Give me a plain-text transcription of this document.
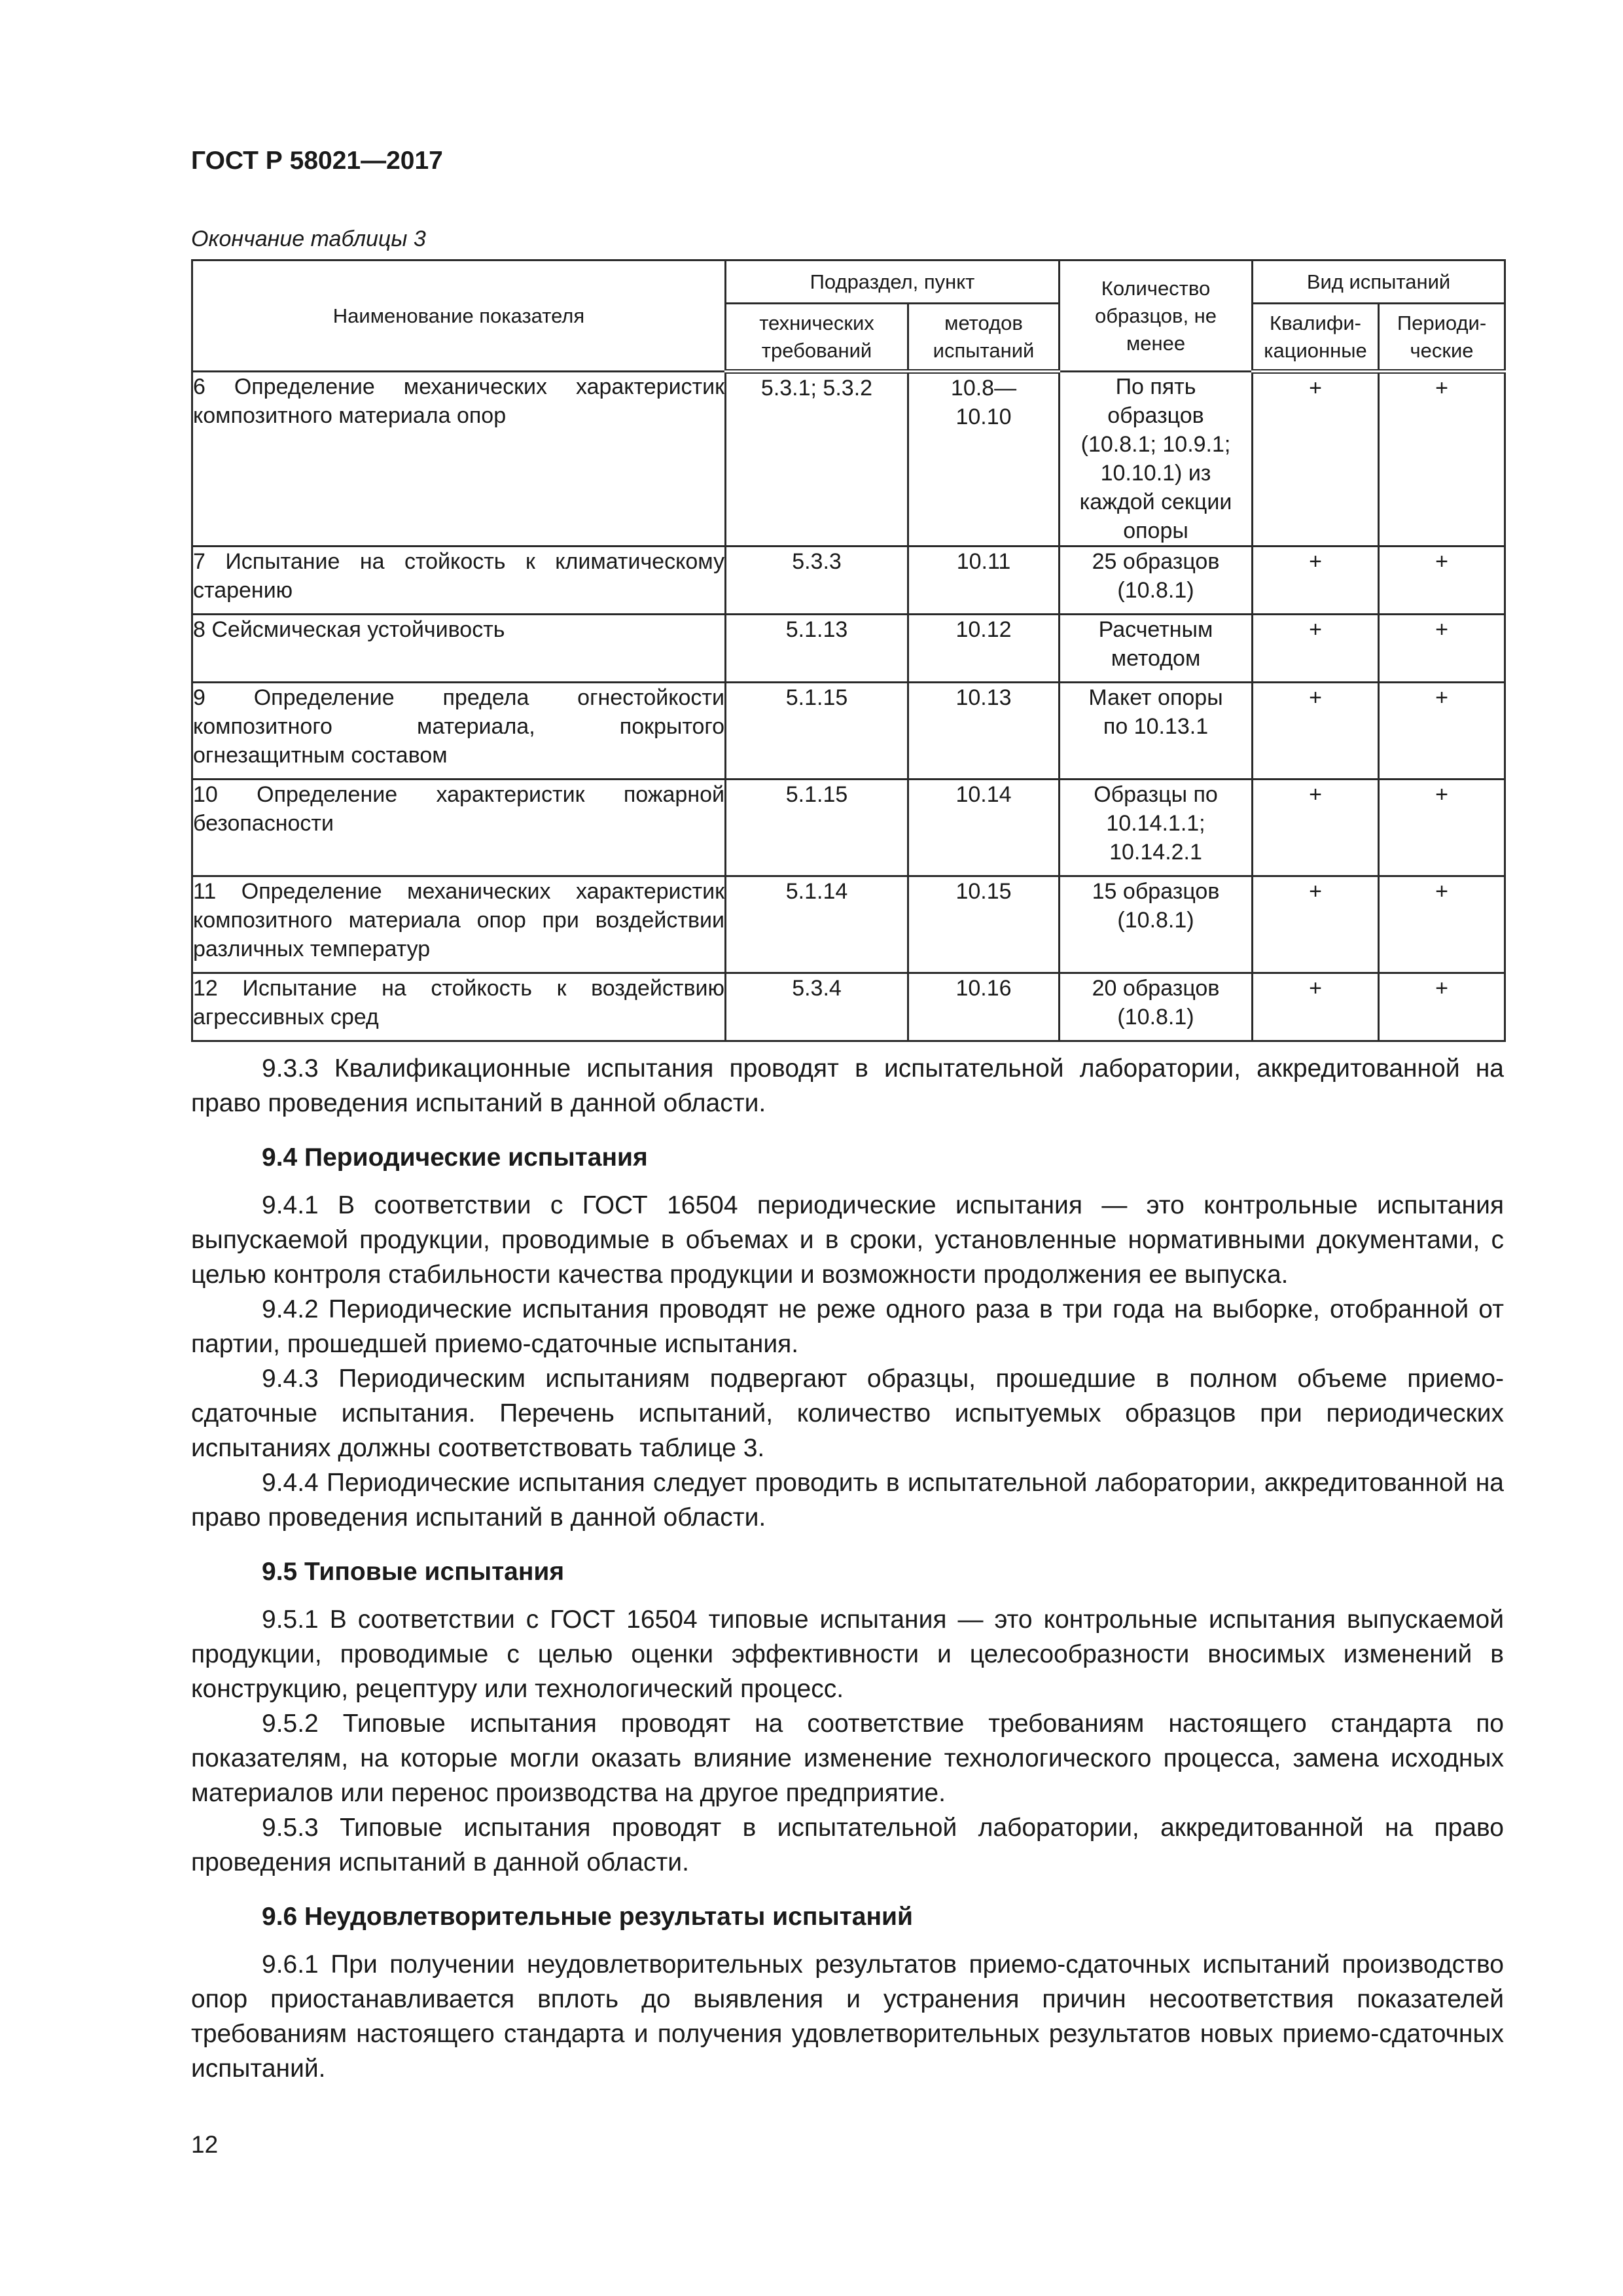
ГОСТ Р 58021—2017
Окончание таблицы 3
Наименование показателя	Подраздел, пункт		Количество образцов, не менее	Вид испытаний	
	технических требований	методов испытаний		Квалифи-кационные	Периоди-ческие
6 Определение механических характеристик композитного материала опор	5.3.1; 5.3.2	10.8— 10.10	По пять образцов (10.8.1; 10.9.1; 10.10.1) из каждой секции опоры	+	+
7 Испытание на стойкость к климатическому старению	5.3.3	10.11	25 образцов (10.8.1)	+	+
8 Сейсмическая устойчивость	5.1.13	10.12	Расчетным методом	+	+
9 Определение предела огнестойкости композитного материала, покрытого огнезащитным составом	5.1.15	10.13	Макет опоры по 10.13.1	+	+
10 Определение характеристик пожарной безопасности	5.1.15	10.14	Образцы по 10.14.1.1; 10.14.2.1	+	+
11 Определение механических характеристик композитного материала опор при воздействии различных температур	5.1.14	10.15	15 образцов (10.8.1)	+	+
12 Испытание на стойкость к воздействию агрессивных сред	5.3.4	10.16	20 образцов (10.8.1)	+	+

9.3.3 Квалификационные испытания проводят в испытательной лаборатории, аккредитованной на право проведения испытаний в данной области.

9.4 Периодические испытания

9.4.1 В соответствии с ГОСТ 16504 периодические испытания — это контрольные испытания выпускаемой продукции, проводимые в объемах и в сроки, установленные нормативными документами, с целью контроля стабильности качества продукции и возможности продолжения ее выпуска.

9.4.2 Периодические испытания проводят не реже одного раза в три года на выборке, отобранной от партии, прошедшей приемо-сдаточные испытания.

9.4.3 Периодическим испытаниям подвергают образцы, прошедшие в полном объеме приемо-сдаточные испытания. Перечень испытаний, количество испытуемых образцов при периодических испытаниях должны соответствовать таблице 3.

9.4.4 Периодические испытания следует проводить в испытательной лаборатории, аккредитованной на право проведения испытаний в данной области.

9.5 Типовые испытания

9.5.1 В соответствии с ГОСТ 16504 типовые испытания — это контрольные испытания выпускаемой продукции, проводимые с целью оценки эффективности и целесообразности вносимых изменений в конструкцию, рецептуру или технологический процесс.

9.5.2 Типовые испытания проводят на соответствие требованиям настоящего стандарта по показателям, на которые могли оказать влияние изменение технологического процесса, замена исходных материалов или перенос производства на другое предприятие.

9.5.3 Типовые испытания проводят в испытательной лаборатории, аккредитованной на право проведения испытаний в данной области.

9.6 Неудовлетворительные результаты испытаний

9.6.1 При получении неудовлетворительных результатов приемо-сдаточных испытаний производство опор приостанавливается вплоть до выявления и устранения причин несоответствия показателей требованиям настоящего стандарта и получения удовлетворительных результатов новых приемо-сдаточных испытаний.

12
